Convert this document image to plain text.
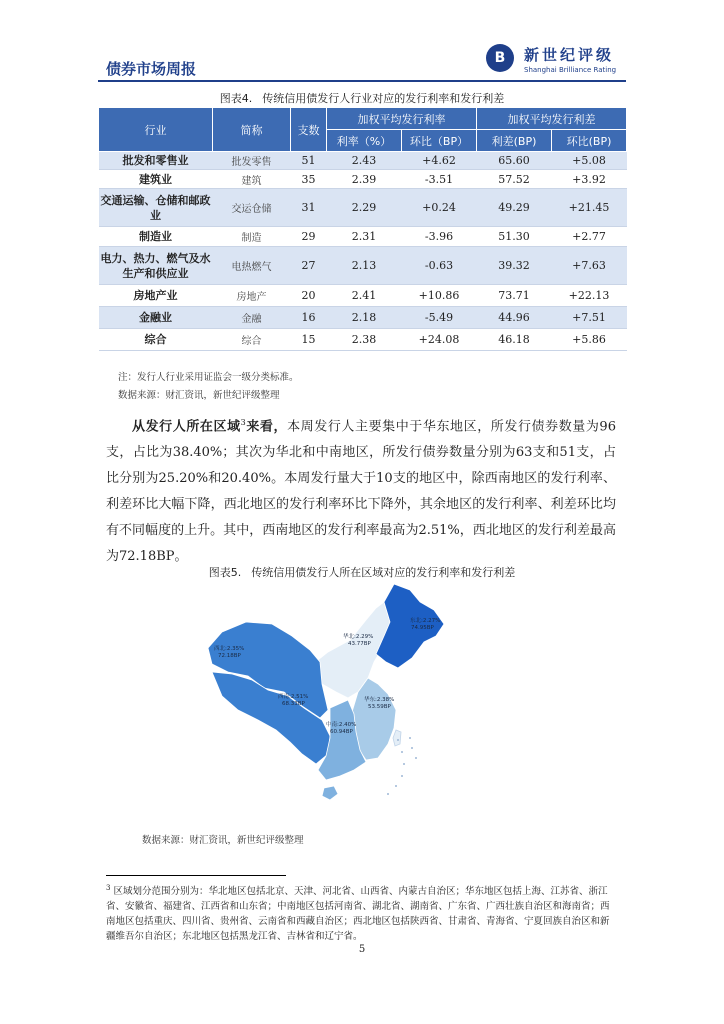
债券市场周报
B	新世纪评级
Shanghai Brilliance Rating
图表4. 传统信用债发行人行业对应的发行利率和发行利差
行业	简称	支数	加权平均发行利率		加权平均发行利差	
			利率（%）	环比（BP）	利差(BP)	环比(BP)
批发和零售业	批发零售	51	2.43	+4.62	65.60	+5.08
建筑业	建筑	35	2.39	-3.51	57.52	+3.92
交通运输、仓储和邮政业	交运仓储	31	2.29	+0.24	49.29	+21.45
制造业	制造	29	2.31	-3.96	51.30	+2.77
电力、热力、燃气及水生产和供应业	电热燃气	27	2.13	-0.63	39.32	+7.63
房地产业	房地产	20	2.41	+10.86	73.71	+22.13
金融业	金融	16	2.18	-5.49	44.96	+7.51
综合	综合	15	2.38	+24.08	46.18	+5.86
注：发行人行业采用证监会一级分类标准。
数据来源：财汇资讯，新世纪评级整理
从发行人所在区域$^3$来看，本周发行人主要集中于华东地区，所发行债券数量为96支，占比为38.40%；其次为华北和中南地区，所发行债券数量分别为63支和51支，占比分别为25.20%和20.40%。本周发行量大于10支的地区中，除西南地区的发行利率、利差环比大幅下降，西北地区的发行利率环比下降外，其余地区的发行利率、利差环比均有不同幅度的上升。其中，西南地区的发行利率最高为2.51%，西北地区的发行利差最高为72.18BP。
图表5. 传统信用债发行人所在区域对应的发行利率和发行利差
东北:2.27%
74.95BP
华北:2.29%
43.77BP
西北:2.35%
72.18BP
西南:2.51%
68.33BP
华东:2.38%
53.59BP
中南:2.40%
60.94BP
数据来源：财汇资讯，新世纪评级整理
$^3$ 区域划分范围分别为：华北地区包括北京、天津、河北省、山西省、内蒙古自治区；华东地区包括上海、江苏省、浙江省、安徽省、福建省、江西省和山东省；中南地区包括河南省、湖北省、湖南省、广东省、广西壮族自治区和海南省；西南地区包括重庆、四川省、贵州省、云南省和西藏自治区；西北地区包括陕西省、甘肃省、青海省、宁夏回族自治区和新疆维吾尔自治区；东北地区包括黑龙江省、吉林省和辽宁省。
5
